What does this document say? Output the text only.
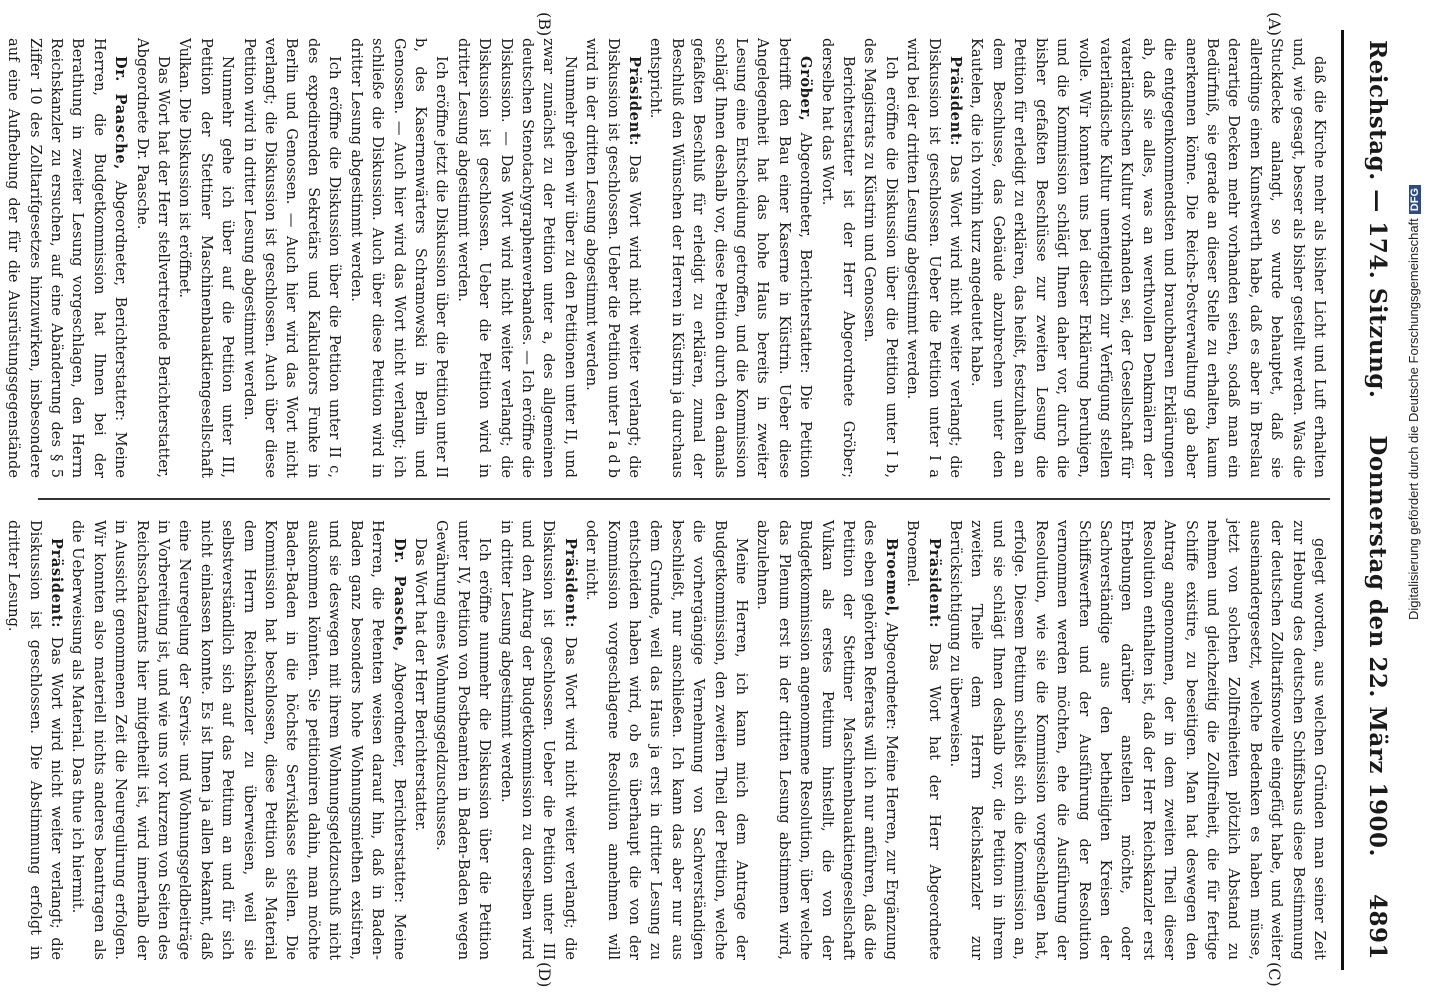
Reichstag. — 174. Sitzung.
Donnerstag den 22. März 1900.
4891
(A)
(B)
(C)
(D)

daß die Kirche mehr als bisher Licht und Luft erhalten und, wie gesagt, besser als bisher gestellt werden. Was die Stuckdecke anlangt, so wurde behauptet, daß sie allerdings einen Kunstwerth habe, daß es aber in Breslau derartige Decken mehr vorhanden seien, sodaß man ein Bedürfniß, sie gerade an dieser Stelle zu erhalten, kaum anerkennen könne. Die Reichs-Postverwaltung gab aber die entgegenkommendsten und brauchbaren Erklärungen ab, daß sie alles, was an werthvollen Denkmälern der vaterländischen Kultur vorhanden sei, der Gesellschaft für vaterländische Kultur unentgeltlich zur Verfügung stellen wolle. Wir konnten uns bei dieser Erklärung beruhigen, und die Kommission schlägt Ihnen daher vor, durch die bisher gefaßten Beschlüsse zur zweiten Lesung die Petition für erledigt zu erklären, das heißt, festzuhalten an dem Beschlusse, das Gebäude abzubrechen unter den Kautelen, die ich vorhin kurz angedeutet habe.

Präsident: Das Wort wird nicht weiter verlangt; die Diskussion ist geschlossen. Ueber die Petition unter I a wird bei der dritten Lesung abgestimmt werden.

Ich eröffne die Diskussion über die Petition unter I b, des Magistrats zu Küstrin und Genossen.

Berichterstatter ist der Herr Abgeordnete Gröber; derselbe hat das Wort.

Gröber, Abgeordneter, Berichterstatter: Die Petition betrifft den Bau einer Kaserne in Küstrin. Ueber diese Angelegenheit hat das hohe Haus bereits in zweiter Lesung eine Entscheidung getroffen, und die Kommission schlägt Ihnen deshalb vor, diese Petition durch den damals gefaßten Beschluß für erledigt zu erklären, zumal der Beschluß den Wünschen der Herren in Küstrin ja durchaus entspricht.

Präsident: Das Wort wird nicht weiter verlangt; die Diskussion ist geschlossen. Ueber die Petition unter I a d b wird in der dritten Lesung abgestimmt werden.

Nunmehr gehen wir über zu den Petitionen unter II, und zwar zunächst zu der Petition unter a, des allgemeinen deutschen Stenotachygraphenverbandes. — Ich eröffne die Diskussion. — Das Wort wird nicht weiter verlangt; die Diskussion ist geschlossen. Ueber die Petition wird in dritter Lesung abgestimmt werden.

Ich eröffne jetzt die Diskussion über die Petition unter II b, des Kasernenwärters Schramowski in Berlin und Genossen. — Auch hier wird das Wort nicht verlangt; ich schließe die Diskussion. Auch über diese Petition wird in dritter Lesung abgestimmt werden.

Ich eröffne die Diskussion über die Petition unter II c, des expedirenden Sekretärs und Kalkulators Funke in Berlin und Genossen. — Auch hier wird das Wort nicht verlangt; die Diskussion ist geschlossen. Auch über diese Petition wird in dritter Lesung abgestimmt werden.

Nunmehr gehe ich über auf die Petition unter III, Petition der Stettiner Maschinenbauaktiengesellschaft Vulkan. Die Diskussion ist eröffnet.

Das Wort hat der Herr stellvertretende Berichterstatter, Abgeordnete Dr. Paasche.

Dr. Paasche, Abgeordneter, Berichterstatter: Meine Herren, die Budgetkommission hat Ihnen bei der Berathung in zweiter Lesung vorgeschlagen, den Herrn Reichskanzler zu ersuchen, auf eine Abänderung des § 5 Ziffer 10 des Zolltarifgesetzes hinzuwirken, insbesondere auf eine Aufhebung der für die Ausrüstungsgegenstände

gelegt worden, aus welchen Gründen man seiner Zeit zur Hebung des deutschen Schiffsbaus diese Bestimmung der deutschen Zolltarifsnovelle eingefügt habe, und weiter auseinandergesetzt, welche Bedenken es haben müsse, jetzt von solchen Zollfreiheiten plötzlich Abstand zu nehmen und gleichzeitig die Zollfreiheit, die für fertige Schiffe existire, zu beseitigen. Man hat deswegen den Antrag angenommen, der in dem zweiten Theil dieser Resolution enthalten ist, daß der Herr Reichskanzler erst Erhebungen darüber anstellen möchte, oder Sachverständige aus den betheiligten Kreisen der Schiffswerften und der Ausführung der Resolution vernommen werden möchten, ehe die Ausführung der Resolution, wie sie die Kommission vorgeschlagen hat, erfolge. Diesem Petitum schließt sich die Kommission an, und sie schlägt Ihnen deshalb vor, die Petition in ihrem zweiten Theile dem Herrn Reichskanzler zur Berücksichtigung zu überweisen.

Präsident: Das Wort hat der Herr Abgeordnete Broemel.

Broemel, Abgeordneter: Meine Herren, zur Ergänzung des eben gehörten Referats will ich nur anführen, daß die Petition der Stettiner Maschinenbauaktiengesellschaft Vulkan als erstes Petitum hinstellt, die von der Budgetkommission angenommene Resolution, über welche das Plenum erst in der dritten Lesung abstimmen wird, abzulehnen.

Meine Herren, ich kann mich dem Antrage der Budgetkommission, den zweiten Theil der Petition, welche die vorhergängige Vernehmung von Sachverständigen beschließt, nur anschließen. Ich kann das aber nur aus dem Grunde, weil das Haus ja erst in dritter Lesung zu entscheiden haben wird, ob es überhaupt die von der Kommission vorgeschlagene Resolution annehmen will oder nicht.

Präsident: Das Wort wird nicht weiter verlangt; die Diskussion ist geschlossen. Ueber die Petition unter III und den Antrag der Budgetkommission zu derselben wird in dritter Lesung abgestimmt werden.

Ich eröffne nunmehr die Diskussion über die Petition unter IV, Petition von Postbeamten in Baden-Baden wegen Gewährung eines Wohnungsgeldzuschusses.

Das Wort hat der Herr Berichterstatter.

Dr. Paasche, Abgeordneter, Berichterstatter: Meine Herren, die Petenten weisen darauf hin, daß in Baden-Baden ganz besonders hohe Wohnungsmiethen existiren, und sie deswegen mit ihrem Wohnungsgeldzuschuß nicht auskommen könnten. Sie petitioniren dahin, man möchte Baden-Baden in die höchste Servisklasse stellen. Die Kommission hat beschlossen, diese Petition als Material dem Herrn Reichskanzler zu überweisen, weil sie selbstverständlich sich auf das Petitum an und für sich nicht einlassen konnte. Es ist Ihnen ja allen bekannt, daß eine Neuregelung der Servis- und Wohnungsgeldbeiträge in Vorbereitung ist, und wie uns vor kurzem von Seiten des Reichsschatzamts hier mitgetheilt ist, wird innerhalb der in Aussicht genommenen Zeit die Neuregulirung erfolgen. Wir konnten also materiell nichts anderes beantragen als die Ueberweisung als Material. Das thue ich hiermit.

Präsident: Das Wort wird nicht weiter verlangt; die Diskussion ist geschlossen. Die Abstimmung erfolgt in dritter Lesung.	Digitalisierung gefördert durch die Deutsche ForschungsgemeinschaftDFG
